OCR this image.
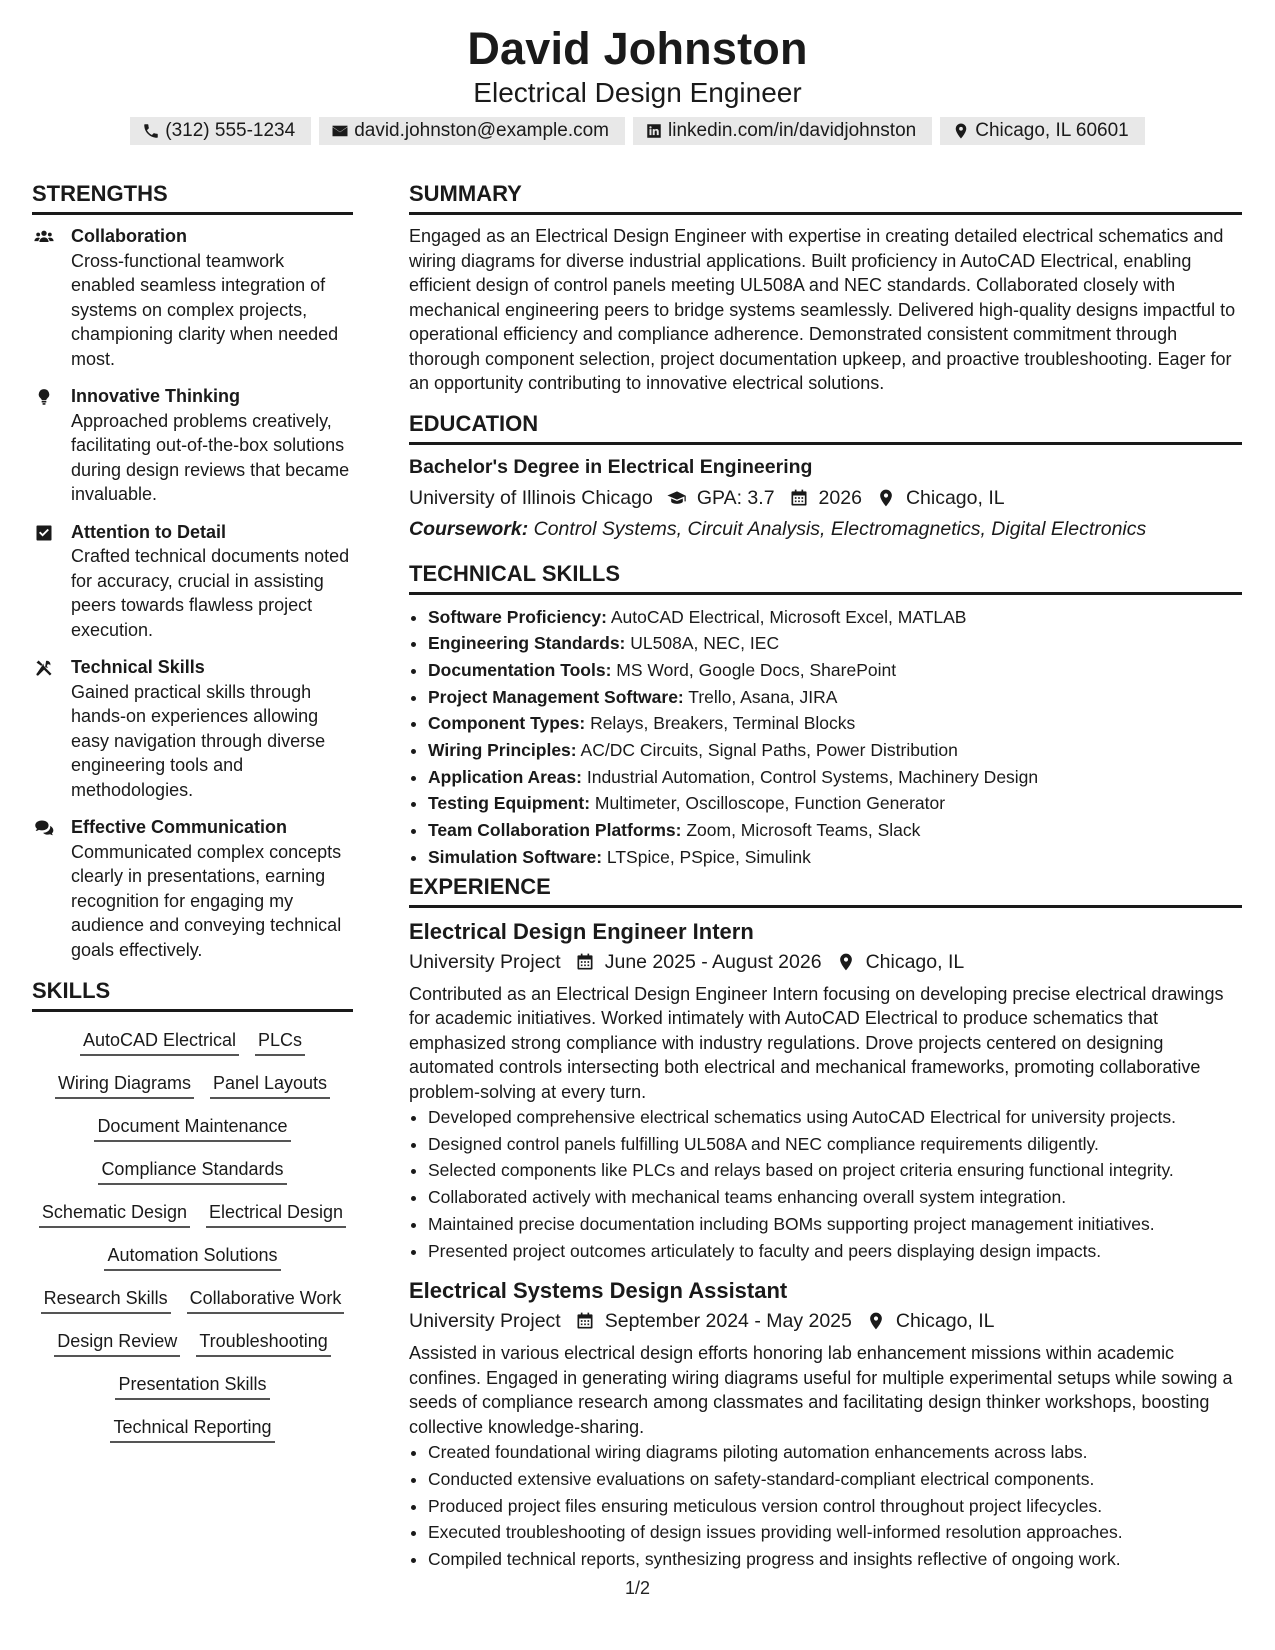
David Johnston
Electrical Design Engineer
(312) 555-1234	david.johnston@example.com	linkedin.com/in/davidjohnston	Chicago, IL 60601
STRENGTHS
Collaboration
Cross-functional teamwork enabled seamless integration of systems on complex projects, championing clarity when needed most.
Innovative Thinking
Approached problems creatively, facilitating out-of-the-box solutions during design reviews that became invaluable.
Attention to Detail
Crafted technical documents noted for accuracy, crucial in assisting peers towards flawless project execution.
Technical Skills
Gained practical skills through hands-on experiences allowing easy navigation through diverse engineering tools and methodologies.
Effective Communication
Communicated complex concepts clearly in presentations, earning recognition for engaging my audience and conveying technical goals effectively.
SKILLS
AutoCAD Electrical PLCs
Wiring Diagrams Panel Layouts
Document Maintenance
Compliance Standards
Schematic Design Electrical Design
Automation Solutions
Research Skills Collaborative Work
Design Review Troubleshooting
Presentation Skills
Technical Reporting
SUMMARY

Engaged as an Electrical Design Engineer with expertise in creating detailed electrical schematics and wiring diagrams for diverse industrial applications. Built proficiency in AutoCAD Electrical, enabling efficient design of control panels meeting UL508A and NEC standards. Collaborated closely with mechanical engineering peers to bridge systems seamlessly. Delivered high-quality designs impactful to operational efficiency and compliance adherence. Demonstrated consistent commitment through thorough component selection, project documentation upkeep, and proactive troubleshooting. Eager for an opportunity contributing to innovative electrical solutions.

EDUCATION
Bachelor's Degree in Electrical Engineering
University of Illinois Chicago GPA: 3.7 2026 Chicago, IL
Coursework: Control Systems, Circuit Analysis, Electromagnetics, Digital Electronics
TECHNICAL SKILLS
• Software Proficiency: AutoCAD Electrical, Microsoft Excel, MATLAB
• Engineering Standards: UL508A, NEC, IEC
• Documentation Tools: MS Word, Google Docs, SharePoint
• Project Management Software: Trello, Asana, JIRA
• Component Types: Relays, Breakers, Terminal Blocks
• Wiring Principles: AC/DC Circuits, Signal Paths, Power Distribution
• Application Areas: Industrial Automation, Control Systems, Machinery Design
• Testing Equipment: Multimeter, Oscilloscope, Function Generator
• Team Collaboration Platforms: Zoom, Microsoft Teams, Slack
• Simulation Software: LTSpice, PSpice, Simulink
EXPERIENCE
Electrical Design Engineer Intern
University Project June 2025 - August 2026 Chicago, IL

Contributed as an Electrical Design Engineer Intern focusing on developing precise electrical drawings for academic initiatives. Worked intimately with AutoCAD Electrical to produce schematics that emphasized strong compliance with industry regulations. Drove projects centered on designing automated controls intersecting both electrical and mechanical frameworks, promoting collaborative problem-solving at every turn.

• Developed comprehensive electrical schematics using AutoCAD Electrical for university projects.
• Designed control panels fulfilling UL508A and NEC compliance requirements diligently.
• Selected components like PLCs and relays based on project criteria ensuring functional integrity.
• Collaborated actively with mechanical teams enhancing overall system integration.
• Maintained precise documentation including BOMs supporting project management initiatives.
• Presented project outcomes articulately to faculty and peers displaying design impacts.
Electrical Systems Design Assistant
University Project September 2024 - May 2025 Chicago, IL

Assisted in various electrical design efforts honoring lab enhancement missions within academic confines. Engaged in generating wiring diagrams useful for multiple experimental setups while sowing a seeds of compliance research among classmates and facilitating design thinker workshops, boosting collective knowledge-sharing.

• Created foundational wiring diagrams piloting automation enhancements across labs.
• Conducted extensive evaluations on safety-standard-compliant electrical components.
• Produced project files ensuring meticulous version control throughout project lifecycles.
• Executed troubleshooting of design issues providing well-informed resolution approaches.
• Compiled technical reports, synthesizing progress and insights reflective of ongoing work.
1/2
